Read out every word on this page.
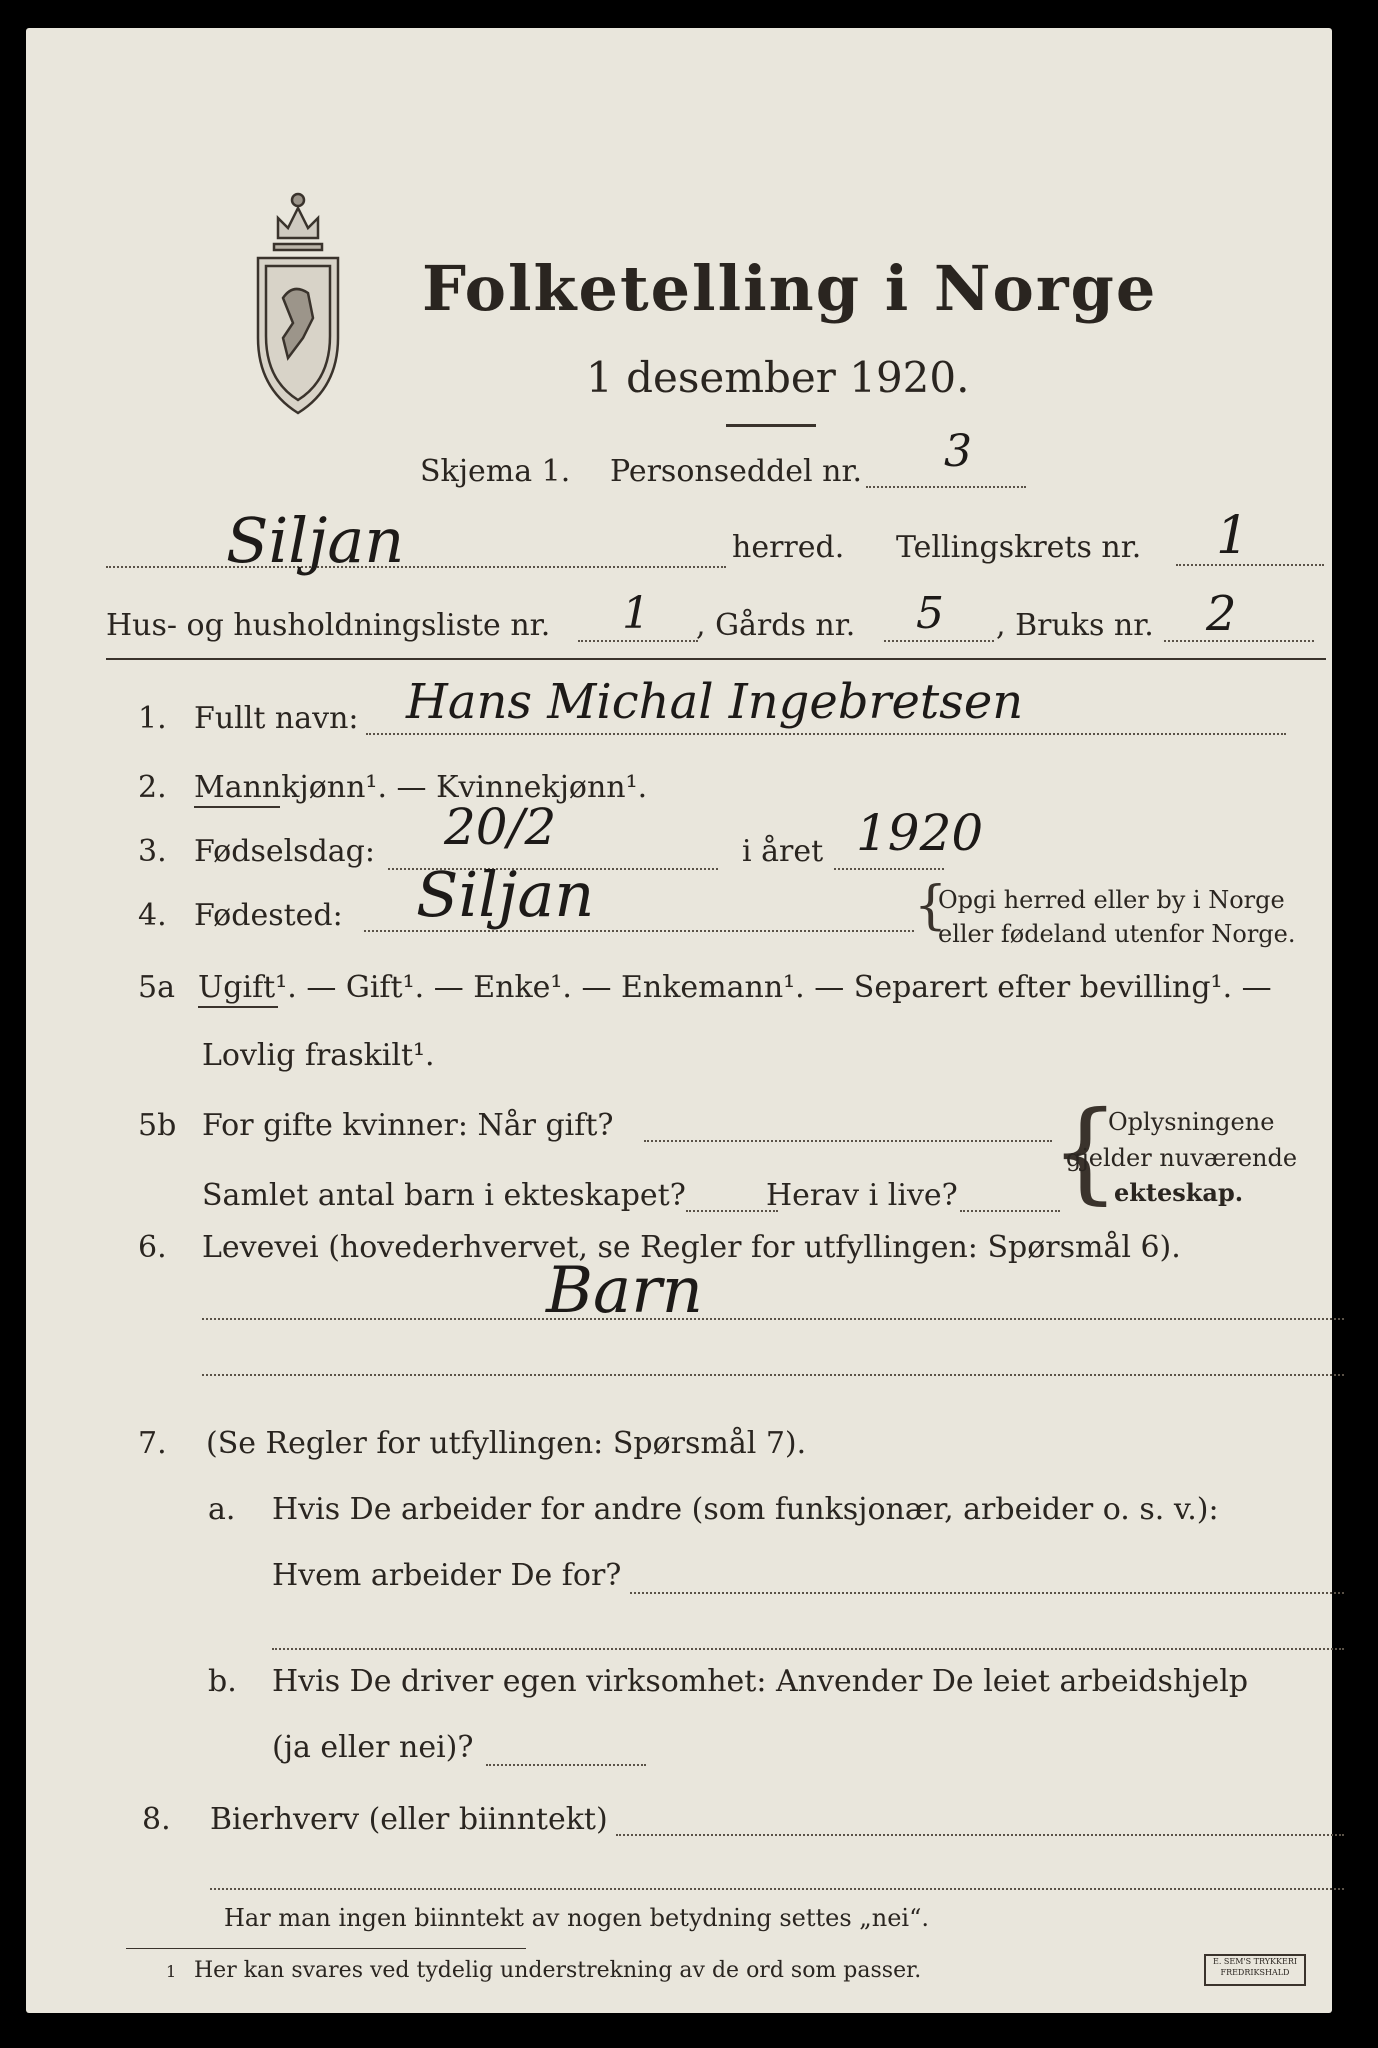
Folketelling i Norge
1 desember 1920.
Skjema 1. Personseddel nr. 3
Siljan	herred. Tellingskrets nr. 1
Hus- og husholdningsliste nr. 1 , Gårds nr. 5 , Bruks nr. 2
1. Fullt navn: Hans Michal Ingebretsen
2. Mannkjønn¹. — Kvinnekjønn¹.
3. Fødselsdag: 20/2	i året 1920
4. Fødested: Siljan	{
Opgi herred eller by i Norge
eller fødeland utenfor Norge.
5a Ugift¹. — Gift¹. — Enke¹. — Enkemann¹. — Separert efter bevilling¹. —
Lovlig fraskilt¹.
5b For gifte kvinner: Når gift?
Samlet antal barn i ekteskapet?	Herav i live? {
Oplysningene
gjelder nuværende
ekteskap.
6. Levevei (hovederhvervet, se Regler for utfyllingen: Spørsmål 6).
Barn
7. (Se Regler for utfyllingen: Spørsmål 7).
a. Hvis De arbeider for andre (som funksjonær, arbeider o. s. v.):
Hvem arbeider De for?
b. Hvis De driver egen virksomhet: Anvender De leiet arbeidshjelp
(ja eller nei)?
8. Bierhverv (eller biinntekt)
Har man ingen biinntekt av nogen betydning settes „nei“.
1 Her kan svares ved tydelig understrekning av de ord som passer.	E. SEM'S TRYKKERI
FREDRIKSHALD
